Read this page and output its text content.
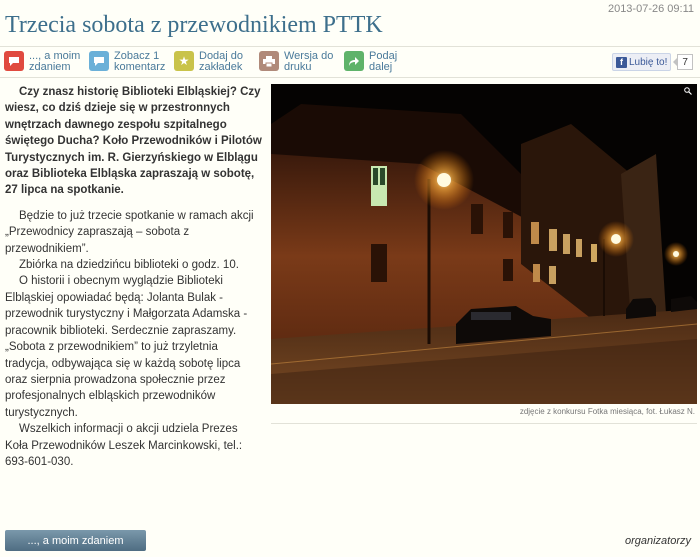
2013-07-26 09:11
Trzecia sobota z przewodnikiem PTTK
..., a moim zdaniem
Zobacz 1 komentarz	★ Dodaj do zakładek
Wersja do druku
Podaj dalej	f Lubię to!	7

Czy znasz historię Biblioteki Elbląskiej? Czy wiesz, co dziś dzieje się w przestronnych wnętrzach dawnego zespołu szpitalnego świętego Ducha? Koło Przewodników i Pilotów Turystycznych im. R. Gierzyńskiego w Elblągu oraz Biblioteka Elbląska zapraszają w sobotę, 27 lipca na spotkanie.

Będzie to już trzecie spotkanie w ramach akcji „Przewodnicy zapraszają – sobota z przewodnikiem”.

Zbiórka na dziedzińcu biblioteki o godz. 10.

O historii i obecnym wyglądzie Biblioteki Elbląskiej opowiadać będą: Jolanta Bulak - przewodnik turystyczny i Małgorzata Adamska - pracownik biblioteki. Serdecznie zapraszamy. „Sobota z przewodnikiem” to już trzyletnia tradycja, odbywająca się w każdą sobotę lipca oraz sierpnia prowadzona społecznie przez profesjonalnych elbląskich przewodników turystycznych.

Wszelkich informacji o akcji udziela Prezes Koła Przewodników Leszek Marcinkowski, tel.: 693-601-030.

zdjęcie z konkursu Fotka miesiąca, fot. Łukasz N.
..., a moim zdaniem	organizatorzy
